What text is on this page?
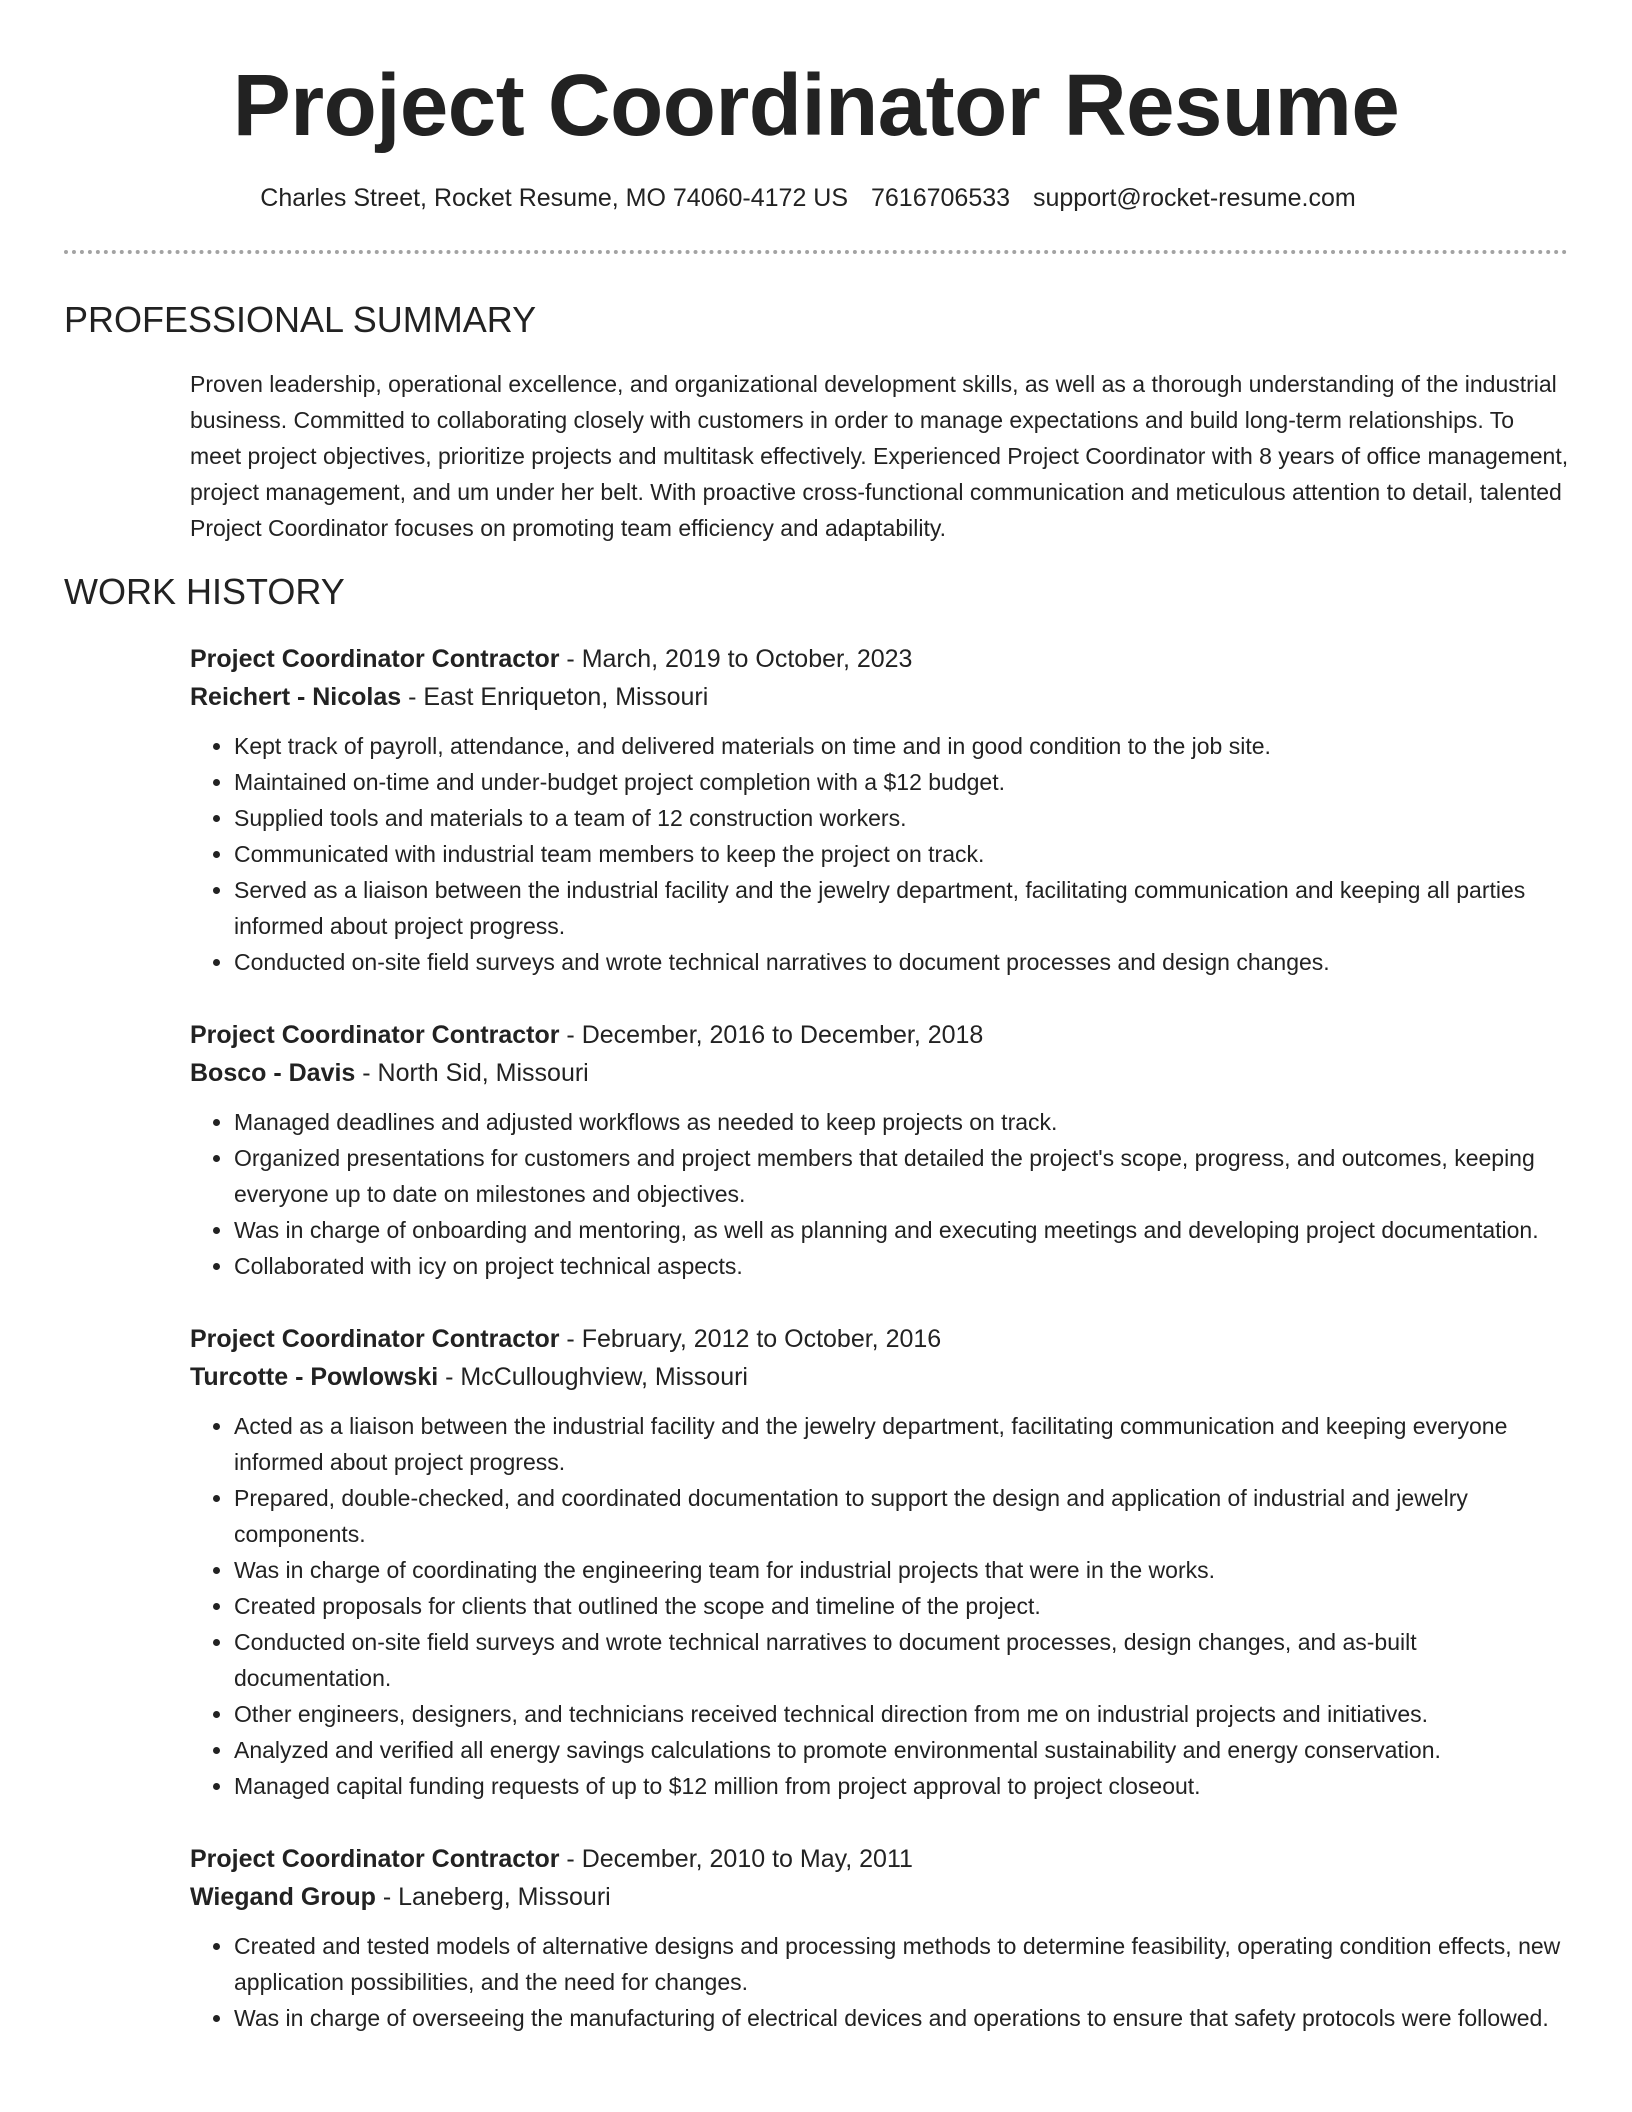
Project Coordinator Resume
Charles Street, Rocket Resume, MO 74060-4172 US 7616706533 support@rocket-resume.com
PROFESSIONAL SUMMARY

Proven leadership, operational excellence, and organizational development skills, as well as a thorough understanding of the industrial business. Committed to collaborating closely with customers in order to manage expectations and build long-term relationships. To meet project objectives, prioritize projects and multitask effectively. Experienced Project Coordinator with 8 years of office management, project management, and um under her belt. With proactive cross-functional communication and meticulous attention to detail, talented Project Coordinator focuses on promoting team efficiency and adaptability.

WORK HISTORY
Project Coordinator Contractor - March, 2019 to October, 2023
Reichert - Nicolas - East Enriqueton, Missouri
• Kept track of payroll, attendance, and delivered materials on time and in good condition to the job site.
• Maintained on-time and under-budget project completion with a $12 budget.
• Supplied tools and materials to a team of 12 construction workers.
• Communicated with industrial team members to keep the project on track.
• Served as a liaison between the industrial facility and the jewelry department, facilitating communication and keeping all parties informed about project progress.
• Conducted on-site field surveys and wrote technical narratives to document processes and design changes.
Project Coordinator Contractor - December, 2016 to December, 2018
Bosco - Davis - North Sid, Missouri
• Managed deadlines and adjusted workflows as needed to keep projects on track.
• Organized presentations for customers and project members that detailed the project's scope, progress, and outcomes, keeping everyone up to date on milestones and objectives.
• Was in charge of onboarding and mentoring, as well as planning and executing meetings and developing project documentation.
• Collaborated with icy on project technical aspects.
Project Coordinator Contractor - February, 2012 to October, 2016
Turcotte - Powlowski - McCulloughview, Missouri
• Acted as a liaison between the industrial facility and the jewelry department, facilitating communication and keeping everyone informed about project progress.
• Prepared, double-checked, and coordinated documentation to support the design and application of industrial and jewelry components.
• Was in charge of coordinating the engineering team for industrial projects that were in the works.
• Created proposals for clients that outlined the scope and timeline of the project.
• Conducted on-site field surveys and wrote technical narratives to document processes, design changes, and as-built documentation.
• Other engineers, designers, and technicians received technical direction from me on industrial projects and initiatives.
• Analyzed and verified all energy savings calculations to promote environmental sustainability and energy conservation.
• Managed capital funding requests of up to $12 million from project approval to project closeout.
Project Coordinator Contractor - December, 2010 to May, 2011
Wiegand Group - Laneberg, Missouri
• Created and tested models of alternative designs and processing methods to determine feasibility, operating condition effects, new application possibilities, and the need for changes.
• Was in charge of overseeing the manufacturing of electrical devices and operations to ensure that safety protocols were followed.
